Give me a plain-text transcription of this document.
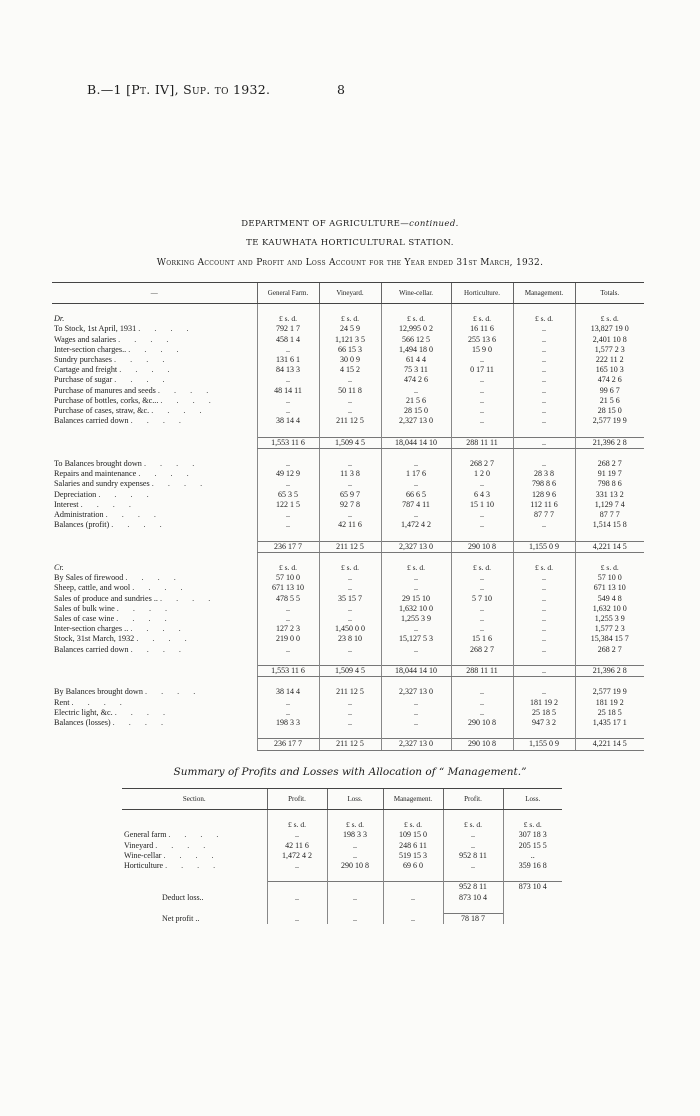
B.—1 [Pt. IV], Sup. to 1932.	8
DEPARTMENT OF AGRICULTURE—continued.
TE KAUWHATA HORTICULTURAL STATION.
Working Account and Profit and Loss Account for the Year ended 31st March, 1932.
—	General Farm.	Vineyard.	Wine-cellar.	Horticulture.	Management.	Totals.

Dr.	£ s. d.	£ s. d.	£ s. d.	£ s. d.	£ s. d.	£ s. d.
To Stock, 1st April, 1931 . . . .	792 1 7	24 5 9	12,995 0 2	16 11 6	..	13,827 19 0
Wages and salaries . . . .	458 1 4	1,121 3 5	566 12 5	255 13 6	..	2,401 10 8
Inter-section charges.. . . . .	..	66 15 3	1,494 18 0	15 9 0	..	1,577 2 3
Sundry purchases . . . .	131 6 1	30 0 9	61 4 4	..	..	222 11 2
Cartage and freight . . . .	84 13 3	4 15 2	75 3 11	0 17 11	..	165 10 3
Purchase of sugar . . . .	..	..	474 2 6	..	..	474 2 6
Purchase of manures and seeds . . . .	48 14 11	50 11 8	..	..	..	99 6 7
Purchase of bottles, corks, &c... . . . .	..	..	21 5 6	..	..	21 5 6
Purchase of cases, straw, &c. . . . .	..	..	28 15 0	..	..	28 15 0
Balances carried down . . . .	38 14 4	211 12 5	2,327 13 0	..	..	2,577 19 9

	1,553 11 6	1,509 4 5	18,044 14 10	288 11 11	..	21,396 2 8

To Balances brought down . . . .	..	..	..	268 2 7	..	268 2 7
Repairs and maintenance . . . .	49 12 9	11 3 8	1 17 6	1 2 0	28 3 8	91 19 7
Salaries and sundry expenses . . . .	..	..	..	..	798 8 6	798 8 6
Depreciation . . . .	65 3 5	65 9 7	66 6 5	6 4 3	128 9 6	331 13 2
Interest . . . .	122 1 5	92 7 8	787 4 11	15 1 10	112 11 6	1,129 7 4
Administration . . . .	..	..	..	..	87 7 7	87 7 7
Balances (profit) . . . .	..	42 11 6	1,472 4 2	..	..	1,514 15 8

	236 17 7	211 12 5	2,327 13 0	290 10 8	1,155 0 9	4,221 14 5

Cr.	£ s. d.	£ s. d.	£ s. d.	£ s. d.	£ s. d.	£ s. d.
By Sales of firewood . . . .	57 10 0	..	..	..	..	57 10 0
Sheep, cattle, and wool . . . .	671 13 10	..	..	..	..	671 13 10
Sales of produce and sundries .. . . . .	478 5 5	35 15 7	29 15 10	5 7 10	..	549 4 8
Sales of bulk wine . . . .	..	..	1,632 10 0	..	..	1,632 10 0
Sales of case wine . . . .	..	..	1,255 3 9	..	..	1,255 3 9
Inter-section charges .. . . . .	127 2 3	1,450 0 0	..	..	..	1,577 2 3
Stock, 31st March, 1932 . . . .	219 0 0	23 8 10	15,127 5 3	15 1 6	..	15,384 15 7
Balances carried down . . . .	..	..	..	268 2 7	..	268 2 7

	1,553 11 6	1,509 4 5	18,044 14 10	288 11 11	..	21,396 2 8

By Balances brought down . . . .	38 14 4	211 12 5	2,327 13 0	..	..	2,577 19 9
Rent . . . .	..	..	..	..	181 19 2	181 19 2
Electric light, &c. . . . .	..	..	..	..	25 18 5	25 18 5
Balances (losses) . . . .	198 3 3	..	..	290 10 8	947 3 2	1,435 17 1

	236 17 7	211 12 5	2,327 13 0	290 10 8	1,155 0 9	4,221 14 5
Summary of Profits and Losses with Allocation of “ Management.”
Section.	Profit.	Loss.	Management.	Profit.	Loss.

	£ s. d.	£ s. d.	£ s. d.	£ s. d.	£ s. d.
General farm . . . .	..	198 3 3	109 15 0	..	307 18 3
Vineyard . . . .	42 11 6	..	248 6 11	..	205 15 5
Wine-cellar . . . .	1,472 4 2	..	519 15 3	952 8 11	..
Horticulture . . . .	..	290 10 8	69 6 0	..	359 16 8

				952 8 11	873 10 4
Deduct loss..	..	..	..	873 10 4	

Net profit ..	..	..	..	78 18 7	
